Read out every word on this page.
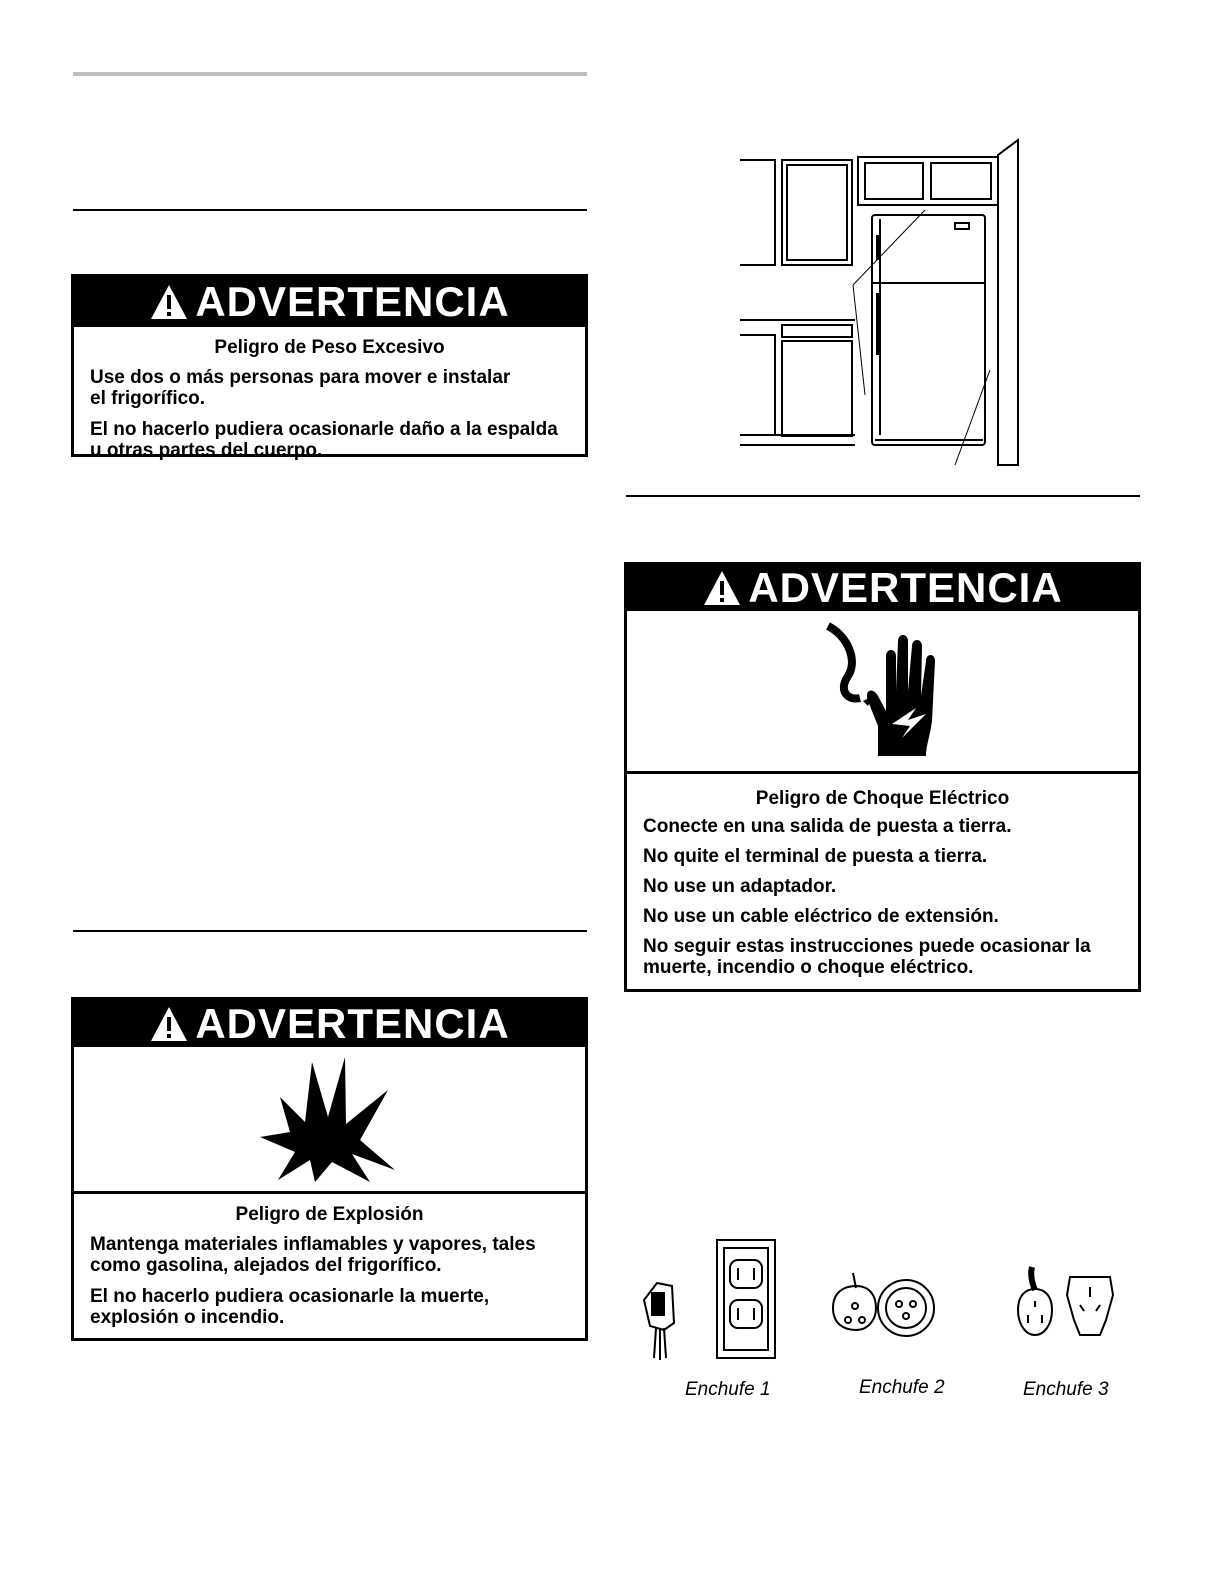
ADVERTENCIA
Peligro de Peso Excesivo
Use dos o más personas para mover e instalar el frigorífico.
El no hacerlo pudiera ocasionarle daño a la espalda u otras partes del cuerpo.
ADVERTENCIA
Peligro de Explosión
Mantenga materiales inflamables y vapores, tales como gasolina, alejados del frigorífico.
El no hacerlo pudiera ocasionarle la muerte, explosión o incendio.
ADVERTENCIA
Peligro de Choque Eléctrico
Conecte en una salida de puesta a tierra.
No quite el terminal de puesta a tierra.
No use un adaptador.
No use un cable eléctrico de extensión.
No seguir estas instrucciones puede ocasionar la muerte, incendio o choque eléctrico.
Enchufe 1	Enchufe 2	Enchufe 3
